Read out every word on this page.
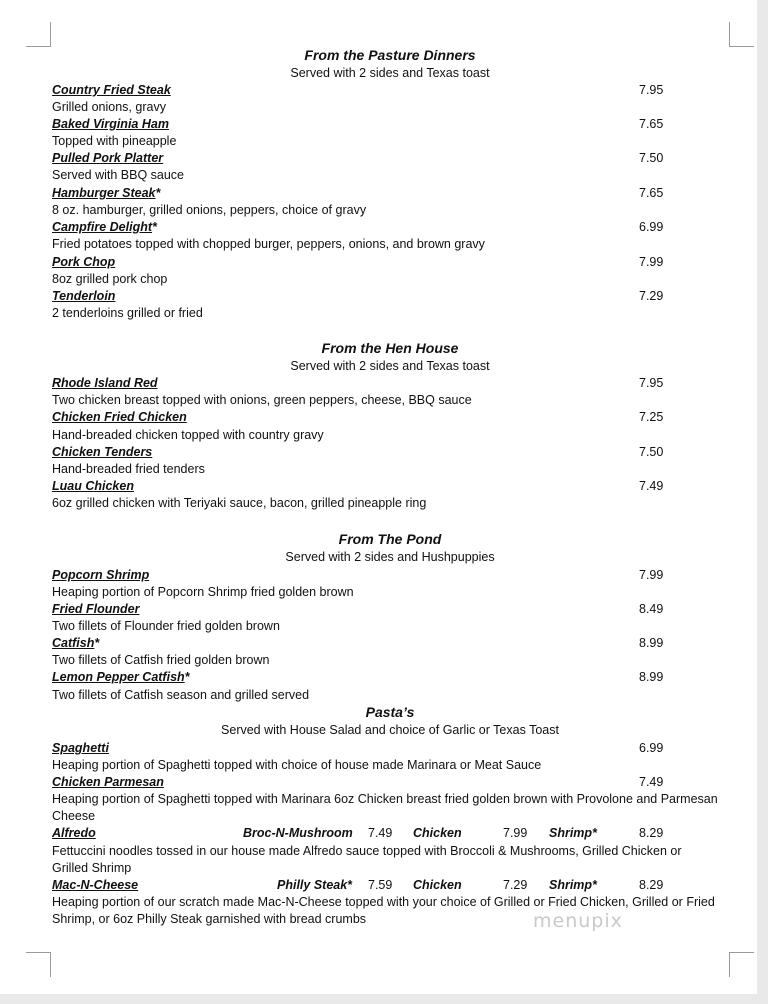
From the Pasture Dinners
Served with 2 sides and Texas toast
Country Fried Steak	7.95
Grilled onions, gravy
Baked Virginia Ham	7.65
Topped with pineapple
Pulled Pork Platter	7.50
Served with BBQ sauce
Hamburger Steak*	7.65
8 oz. hamburger, grilled onions, peppers, choice of gravy
Campfire Delight*	6.99
Fried potatoes topped with chopped burger, peppers, onions, and brown gravy
Pork Chop	7.99
8oz grilled pork chop
Tenderloin	7.29
2 tenderloins grilled or fried
From the Hen House
Served with 2 sides and Texas toast
Rhode Island Red	7.95
Two chicken breast topped with onions, green peppers, cheese, BBQ sauce
Chicken Fried Chicken	7.25
Hand-breaded chicken topped with country gravy
Chicken Tenders	7.50
Hand-breaded fried tenders
Luau Chicken	7.49
6oz grilled chicken with Teriyaki sauce, bacon, grilled pineapple ring
From The Pond
Served with 2 sides and Hushpuppies
Popcorn Shrimp	7.99
Heaping portion of Popcorn Shrimp fried golden brown
Fried Flounder	8.49
Two fillets of Flounder fried golden brown
Catfish*	8.99
Two fillets of Catfish fried golden brown
Lemon Pepper Catfish*	8.99
Two fillets of Catfish season and grilled served
Pasta’s
Served with House Salad and choice of Garlic or Texas Toast
Spaghetti	6.99
Heaping portion of Spaghetti topped with choice of house made Marinara or Meat Sauce
Chicken Parmesan	7.49
Heaping portion of Spaghetti topped with Marinara 6oz Chicken breast fried golden brown with Provolone and Parmesan
Cheese
Alfredo	Broc-N-Mushroom 7.49 Chicken	7.99 Shrimp*	8.29
Fettuccini noodles tossed in our house made Alfredo sauce topped with Broccoli & Mushrooms, Grilled Chicken or
Grilled Shrimp
Mac-N-Cheese	Philly Steak* 7.59 Chicken	7.29 Shrimp*	8.29
Heaping portion of our scratch made Mac-N-Cheese topped with your choice of Grilled or Fried Chicken, Grilled or Fried
Shrimp, or 6oz Philly Steak garnished with bread crumbs	menupix
